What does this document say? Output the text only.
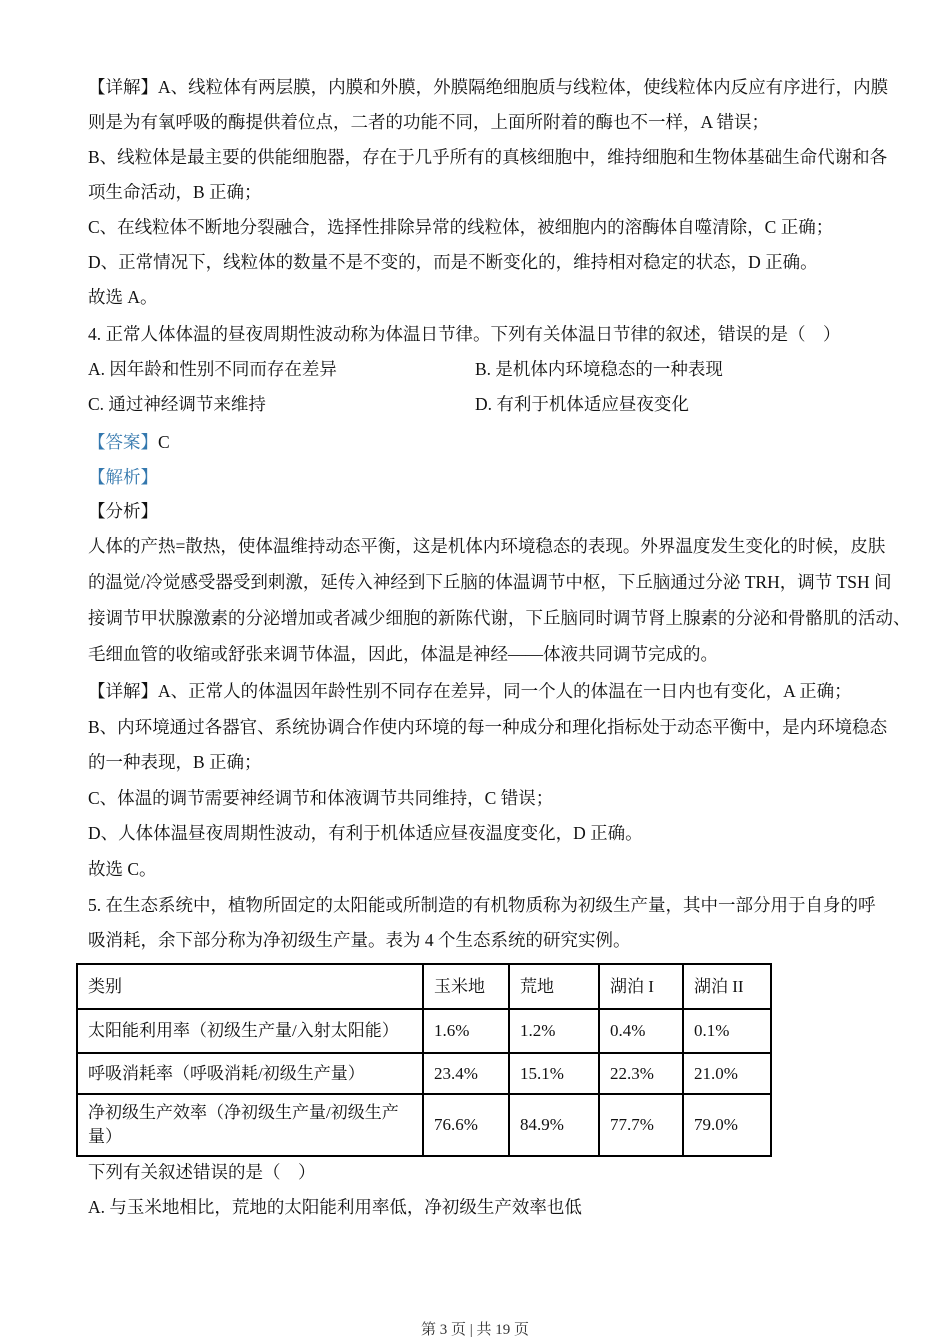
【详解】A、线粒体有两层膜，内膜和外膜，外膜隔绝细胞质与线粒体，使线粒体内反应有序进行，内膜

则是为有氧呼吸的酶提供着位点，二者的功能不同，上面所附着的酶也不一样，A 错误；

B、线粒体是最主要的供能细胞器，存在于几乎所有的真核细胞中，维持细胞和生物体基础生命代谢和各

项生命活动，B 正确；

C、在线粒体不断地分裂融合，选择性排除异常的线粒体，被细胞内的溶酶体自噬清除，C 正确；

D、正常情况下，线粒体的数量不是不变的，而是不断变化的，维持相对稳定的状态，D 正确。

故选 A。

4. 正常人体体温的昼夜周期性波动称为体温日节律。下列有关体温日节律的叙述，错误的是（　）

A. 因年龄和性别不同而存在差异	B. 是机体内环境稳态的一种表现

C. 通过神经调节来维持	D. 有利于机体适应昼夜变化

【答案】C

【解析】

【分析】

人体的产热=散热，使体温维持动态平衡，这是机体内环境稳态的表现。外界温度发生变化的时候，皮肤

的温觉/冷觉感受器受到刺激，延传入神经到下丘脑的体温调节中枢，下丘脑通过分泌 TRH，调节 TSH 间

接调节甲状腺激素的分泌增加或者减少细胞的新陈代谢，下丘脑同时调节肾上腺素的分泌和骨骼肌的活动、

毛细血管的收缩或舒张来调节体温，因此，体温是神经——体液共同调节完成的。

【详解】A、正常人的体温因年龄性别不同存在差异，同一个人的体温在一日内也有变化，A 正确；

B、内环境通过各器官、系统协调合作使内环境的每一种成分和理化指标处于动态平衡中，是内环境稳态

的一种表现，B 正确；

C、体温的调节需要神经调节和体液调节共同维持，C 错误；

D、人体体温昼夜周期性波动，有利于机体适应昼夜温度变化，D 正确。

故选 C。

5. 在生态系统中，植物所固定的太阳能或所制造的有机物质称为初级生产量，其中一部分用于自身的呼

吸消耗，余下部分称为净初级生产量。表为 4 个生态系统的研究实例。

类别	玉米地	荒地	湖泊 I	湖泊 II
太阳能利用率（初级生产量/入射太阳能）	1.6%	1.2%	0.4%	0.1%
呼吸消耗率（呼吸消耗/初级生产量）	23.4%	15.1%	22.3%	21.0%
净初级生产效率（净初级生产量/初级生产量）	76.6%	84.9%	77.7%	79.0%

下列有关叙述错误的是（　）

A. 与玉米地相比，荒地的太阳能利用率低，净初级生产效率也低

第 3 页 | 共 19 页
